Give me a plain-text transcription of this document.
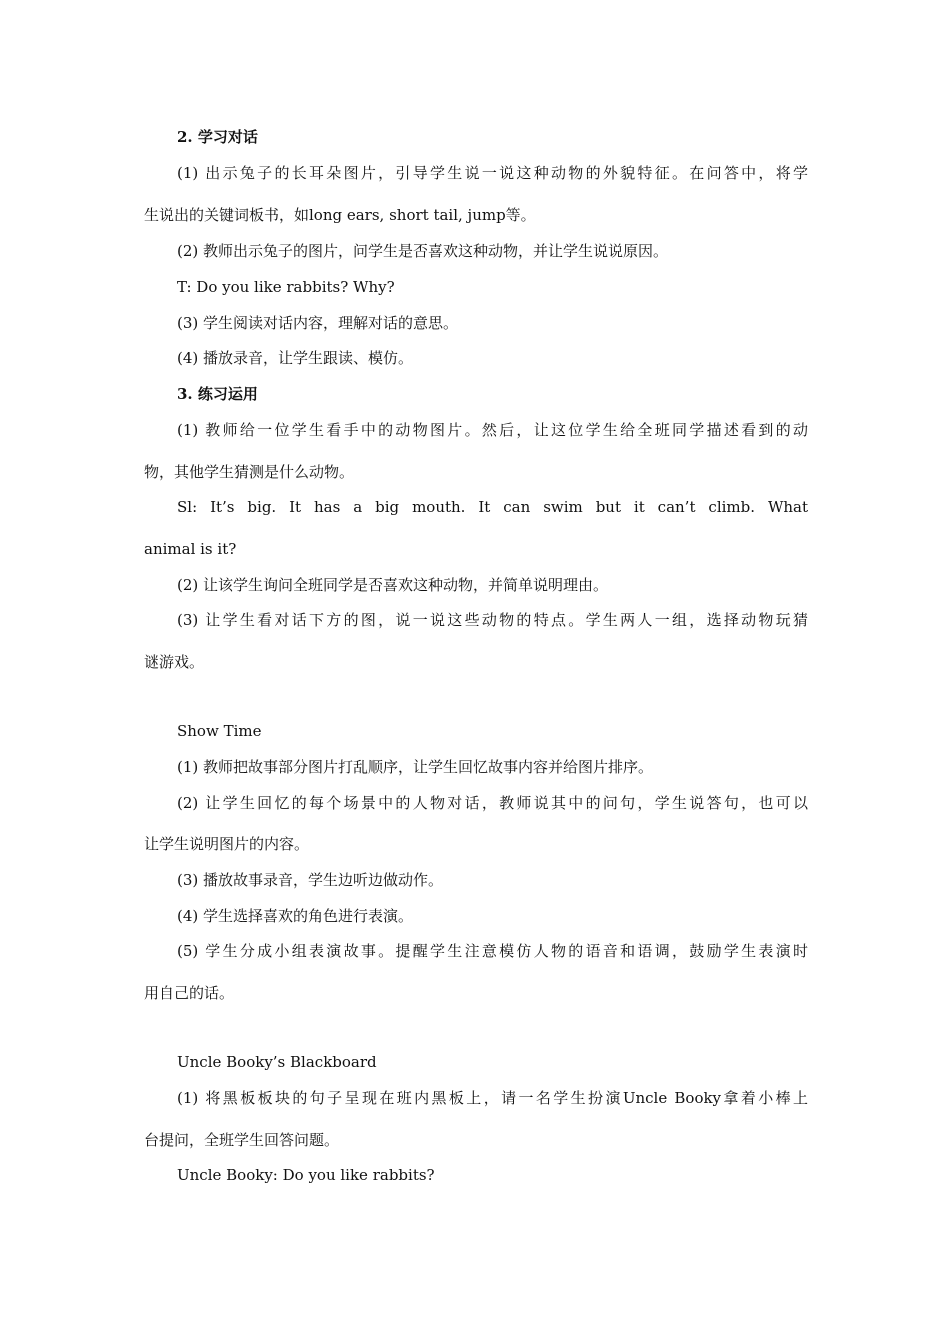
2. 学习对话
(1) 出示兔子的长耳朵图片，引导学生说一说这种动物的外貌特征。在问答中，将学
生说出的关键词板书，如long ears, short tail, jump等。
(2) 教师出示兔子的图片，问学生是否喜欢这种动物，并让学生说说原因。
T: Do you like rabbits? Why?
(3) 学生阅读对话内容，理解对话的意思。
(4) 播放录音，让学生跟读、模仿。
3. 练习运用
(1) 教师给一位学生看手中的动物图片。然后，让这位学生给全班同学描述看到的动
物，其他学生猜测是什么动物。
Sl: It’s big. It has a big mouth. It can swim but it can’t climb. What
animal is it?
(2) 让该学生询问全班同学是否喜欢这种动物，并简单说明理由。
(3) 让学生看对话下方的图，说一说这些动物的特点。学生两人一组，选择动物玩猜
谜游戏。
Show Time
(1) 教师把故事部分图片打乱顺序，让学生回忆故事内容并给图片排序。
(2) 让学生回忆的每个场景中的人物对话，教师说其中的问句，学生说答句，也可以
让学生说明图片的内容。
(3) 播放故事录音，学生边听边做动作。
(4) 学生选择喜欢的角色进行表演。
(5) 学生分成小组表演故事。提醒学生注意模仿人物的语音和语调，鼓励学生表演时
用自己的话。
Uncle Booky’s Blackboard
(1) 将黑板板块的句子呈现在班内黑板上，请一名学生扮演Uncle Booky拿着小棒上
台提问，全班学生回答问题。
Uncle Booky: Do you like rabbits?
